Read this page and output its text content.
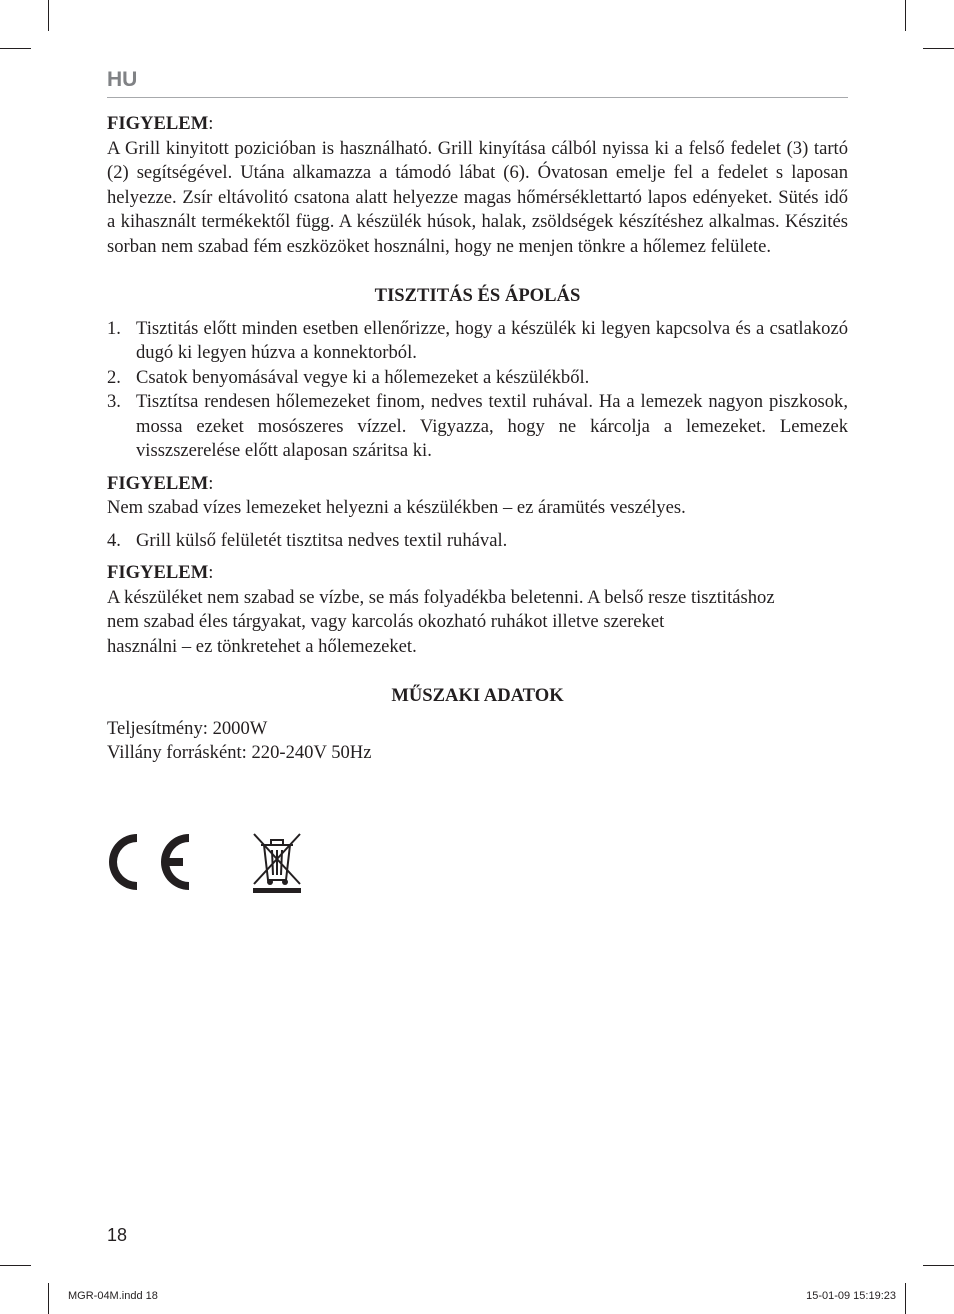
HU

FIGYELEM:

A Grill kinyitott pozicióban is használható. Grill kinyítása cálból nyissa ki a felső fedelet (3) tartó (2) segítségével. Utána alkamazza a támodó lábat (6). Óvatosan emelje fel a fedelet s laposan helyezze. Zsír eltávolitó csatona alatt helyezze magas hőmérséklettartó lapos edényeket. Sütés idő a kihasznált termékektől függ. A készülék húsok, halak, zsöldségek készítéshez alkalmas. Készités sorban nem szabad fém eszközöket hosználni, hogy ne menjen tönkre a hőlemez felülete.

TISZTITÁS ÉS ÁPOLÁS

1. Tisztitás előtt minden esetben ellenőrizze, hogy a készülék ki legyen kapcsolva és a csatlakozó dugó ki legyen húzva a konnektorból.
2. Csatok benyomásával vegye ki a hőlemezeket a készülékből.
3. Tisztítsa rendesen hőlemezeket finom, nedves textil ruhával. Ha a lemezek nagyon piszkosok, mossa ezeket mosószeres vízzel. Vigyazza, hogy ne kárcolja a lemezeket. Lemezek visszszerelése előtt alaposan száritsa ki.

FIGYELEM:

Nem szabad vízes lemezeket helyezni a készülékben – ez áramütés veszélyes.

4. Grill külső felületét tisztitsa nedves textil ruhával.

FIGYELEM:

A készüléket nem szabad se vízbe, se más folyadékba beletenni. A belső resze tisztitáshoz

nem szabad éles tárgyakat, vagy karcolás okozható ruhákot illetve szereket

használni – ez tönkretehet a hőlemezeket.

MŰSZAKI ADATOK

Teljesítmény: 2000W

Villány forrásként: 220-240V 50Hz

18
MGR-04M.indd 18	15-01-09 15:19:23
